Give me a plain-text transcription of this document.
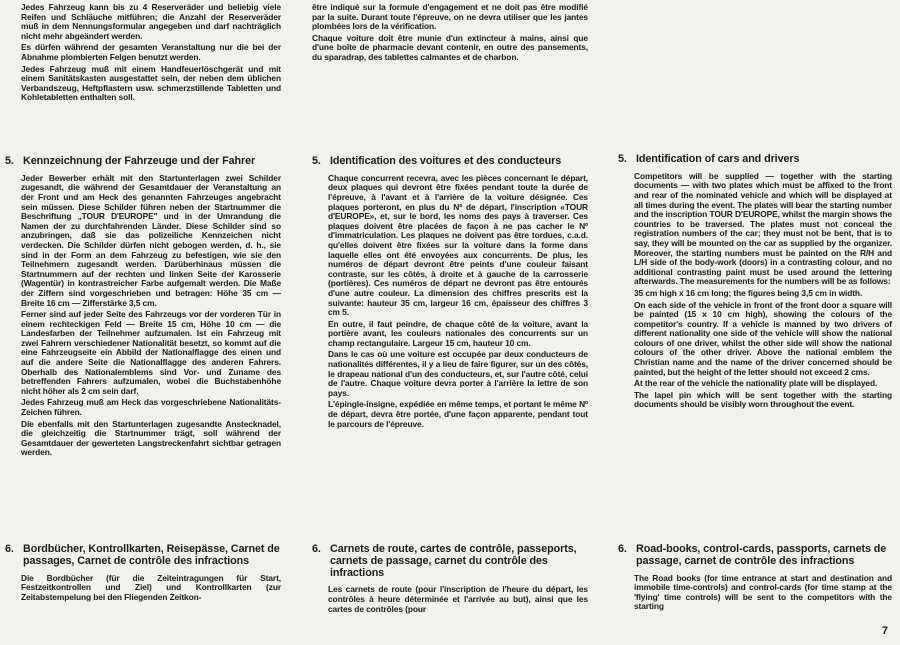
Jedes Fahrzeug kann bis zu 4 Reserveräder und beliebig viele Reifen und Schläuche mitführen; die Anzahl der Reserveräder muß in dem Nennungsformular angegeben und darf nachträglich nicht mehr abgeändert werden.

Es dürfen während der gesamten Veranstaltung nur die bei der Abnahme plombierten Felgen benutzt werden.

Jedes Fahrzeug muß mit einem Handfeuerlöschgerät und mit einem Sanitätskasten ausgestattet sein, der neben dem üblichen Verbandszeug, Heftpflastern usw. schmerzstillende Tabletten und Kohletabletten enthalten soll.

5. Kennzeichnung der Fahrzeuge und der Fahrer

Jeder Bewerber erhält mit den Startunterlagen zwei Schilder zugesandt, die während der Gesamtdauer der Veranstaltung an der Front und am Heck des genannten Fahrzeuges angebracht sein müssen. Diese Schilder führen neben der Startnummer die Beschriftung „TOUR D'EUROPE" und in der Umrandung die Namen der zu durchfahrenden Länder. Diese Schilder sind so anzubringen, daß sie das polizeiliche Kennzeichen nicht verdecken. Die Schilder dürfen nicht gebogen werden, d. h., sie sind in der Form an dem Fahrzeug zu befestigen, wie sie den Teilnehmern zugesandt werden. Darüberhinaus müssen die Startnummern auf der rechten und linken Seite der Karosserie (Wagentür) in kontrastreicher Farbe aufgemalt werden. Die Maße der Ziffern sind vorgeschrieben und betragen: Höhe 35 cm — Breite 16 cm — Zifferstärke 3,5 cm.

Ferner sind auf jeder Seite des Fahrzeugs vor der vorderen Tür in einem rechteckigen Feld — Breite 15 cm, Höhe 10 cm — die Landesfarben der Teilnehmer aufzumalen. Ist ein Fahrzeug mit zwei Fahrern verschiedener Nationalität besetzt, so kommt auf die eine Fahrzeugseite ein Abbild der Nationalflagge des einen und auf die andere Seite die Nationalflagge des anderen Fahrers. Oberhalb des Nationalemblems sind Vor- und Zuname des betreffenden Fahrers aufzumalen, wobei die Buchstabenhöhe nicht höher als 2 cm sein darf.

Jedes Fahrzeug muß am Heck das vorgeschriebene Nationalitäts-Zeichen führen.

Die ebenfalls mit den Startunterlagen zugesandte Anstecknadel, die gleichzeitig die Startnummer trägt, soll während der Gesamtdauer der gewerteten Langstreckenfahrt sichtbar getragen werden.

6. Bordbücher, Kontrollkarten, Reisepässe, Carnet de passages, Carnet de contrôle des infractions

Die Bordbücher (für die Zeiteintragungen für Start, Festzeitkontrollen und Ziel) und Kontrollkarten (zur Zeitabstempelung bei den Fliegenden Zeitkon-

être indiqué sur la formule d'engagement et ne doit pas être modifié par la suite. Durant toute l'épreuve, on ne devra utiliser que les jantes plombées lors de la vérification.

Chaque voiture doit être munie d'un extincteur à mains, ainsi que d'une boîte de pharmacie devant contenir, en outre des pansements, du sparadrap, des tablettes calmantes et de charbon.

5. Identification des voitures et des conducteurs

Chaque concurrent recevra, avec les pièces concernant le départ, deux plaques qui devront être fixées pendant toute la durée de l'épreuve, à l'avant et à l'arrière de la voiture désignée. Ces plaques porteront, en plus du Nº de départ, l'inscription «TOUR d'EUROPE», et, sur le bord, les noms des pays à traverser. Ces plaques doivent être placées de façon à ne pas cacher le Nº d'immatriculation. Les plaques ne doivent pas être tordues, c.a.d. qu'elles doivent être fixées sur la voiture dans la forme dans laquelle elles ont été envoyées aux concurrents. De plus, les numéros de départ devront être peints d'une couleur faisant contraste, sur les côtés, à droite et à gauche de la carrosserie (portières). Ces numéros de départ ne devront pas être entourés d'une autre couleur. La dimension des chiffres prescrits est la suivante: hauteur 35 cm, largeur 16 cm, épaisseur des chiffres 3 cm 5.

En outre, il faut peindre, de chaque côté de la voiture, avant la portière avant, les couleurs nationales des concurrents sur un champ rectangulaire. Largeur 15 cm, hauteur 10 cm.

Dans le cas où une voiture est occupée par deux conducteurs de nationalités différentes, il y a lieu de faire figurer, sur un des côtés, le drapeau national d'un des conducteurs, et, sur l'autre côté, celui de l'autre. Chaque voiture devra porter à l'arrière la lettre de son pays.

L'épingle-insigne, expédiée en même temps, et portant le même Nº de départ, devra être portée, d'une façon apparente, pendant tout le parcours de l'épreuve.

6. Carnets de route, cartes de contrôle, passeports, carnets de passage, carnet du contrôle des infractions

Les carnets de route (pour l'inscription de l'heure du départ, les contrôles à heure déterminée et l'arrivée au but), ainsi que les cartes de contrôles (pour

5. Identification of cars and drivers

Competitors will be supplied — together with the starting documents — with two plates which must be affixed to the front and rear of the nominated vehicle and which will be displayed at all times during the event. The plates will bear the starting number and the inscription TOUR D'EUROPE, whilst the margin shows the countries to be traversed. The plates must not conceal the registration numbers of the car; they must not be bent, that is to say, they will be mounted on the car as supplied by the organizer. Moreover, the starting numbers must be painted on the R/H and L/H side of the body-work (doors) in a contrasting colour, and no additional contrasting paint must be used around the lettering afterwards. The measurements for the numbers will be as follows:

35 cm high x 16 cm long; the figures being 3,5 cm in width.

On each side of the vehicle in front of the front door a square will be painted (15 x 10 cm high), showing the colours of the competitor's country. If a vehicle is manned by two drivers of different nationality one side of the vehicle will show the national colours of one driver, whilst the other side will show the national colours of the other driver. Above the national emblem the Christian name and the name of the driver concerned should be painted, but the height of the letter should not exceed 2 cms.

At the rear of the vehicle the nationality plate will be displayed.

The lapel pin which will be sent together with the starting documents should be visibly worn throughout the event.

6. Road-books, control-cards, passports, carnets de passage, carnet de contrôle des infractions

The Road books (for time entrance at start and destination and immobile time-controls) and control-cards (for time stamp at the 'flying' time controls) will be sent to the competitors with the starting

7
